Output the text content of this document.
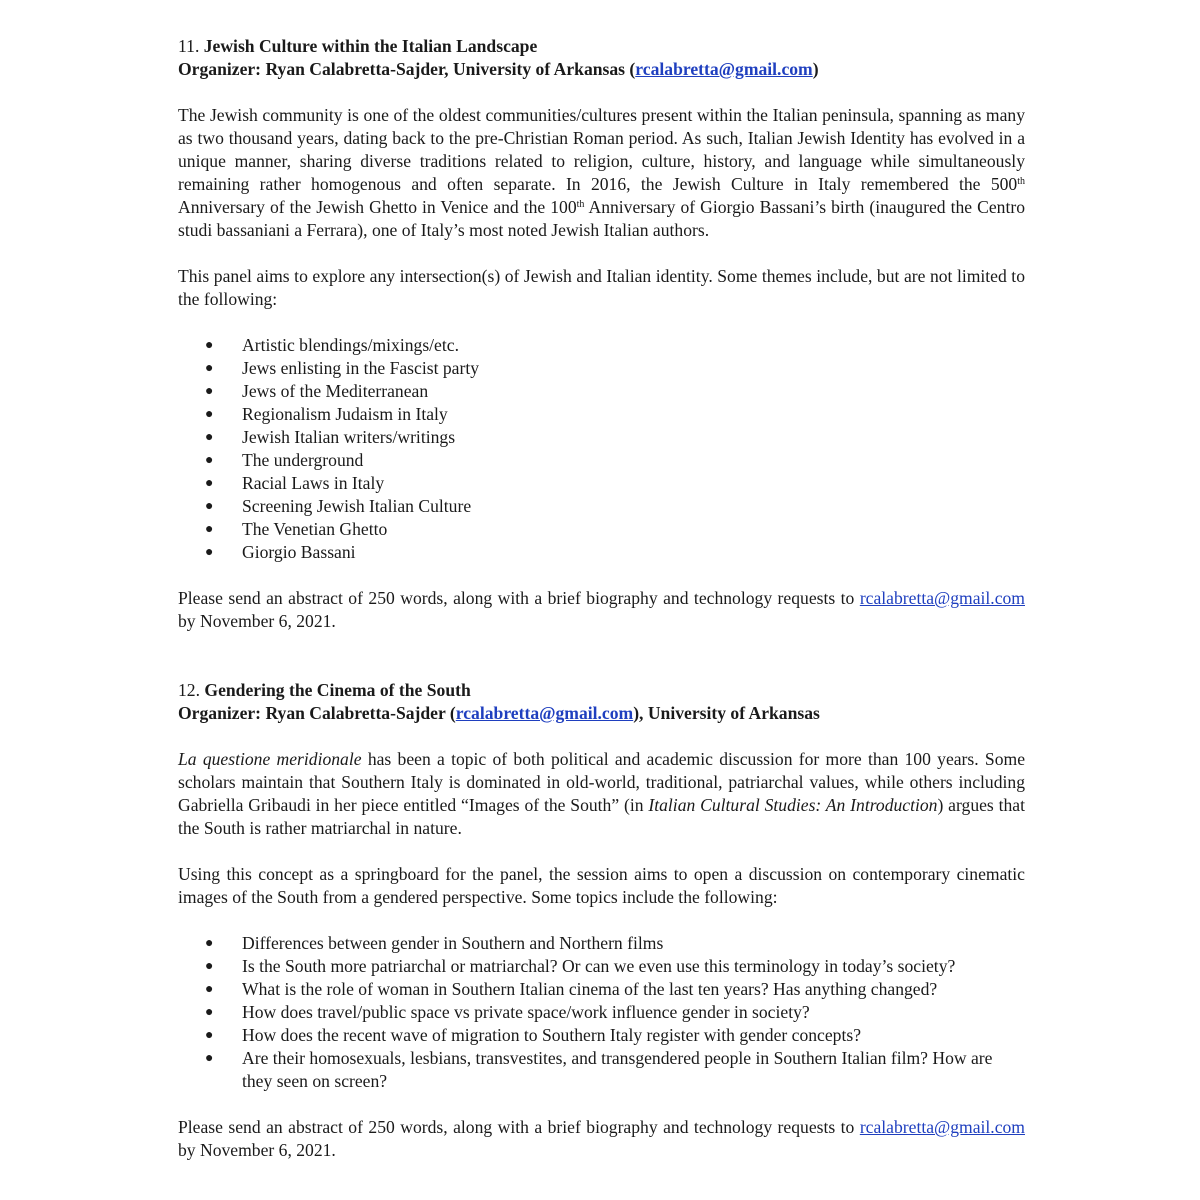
11. Jewish Culture within the Italian Landscape

Organizer: Ryan Calabretta-Sajder, University of Arkansas (rcalabretta@gmail.com)

The Jewish community is one of the oldest communities/cultures present within the Italian peninsula, spanning as many as two thousand years, dating back to the pre-Christian Roman period. As such, Italian Jewish Identity has evolved in a unique manner, sharing diverse traditions related to religion, culture, history, and language while simultaneously remaining rather homogenous and often separate. In 2016, the Jewish Culture in Italy remembered the 500th Anniversary of the Jewish Ghetto in Venice and the 100th Anniversary of Giorgio Bassani’s birth (inaugured the Centro studi bassaniani a Ferrara), one of Italy’s most noted Jewish Italian authors.

This panel aims to explore any intersection(s) of Jewish and Italian identity. Some themes include, but are not limited to the following:

● Artistic blendings/mixings/etc.
● Jews enlisting in the Fascist party
● Jews of the Mediterranean
● Regionalism Judaism in Italy
● Jewish Italian writers/writings
● The underground
● Racial Laws in Italy
● Screening Jewish Italian Culture
● The Venetian Ghetto
● Giorgio Bassani

Please send an abstract of 250 words, along with a brief biography and technology requests to rcalabretta@gmail.com by November 6, 2021.

12. Gendering the Cinema of the South

Organizer: Ryan Calabretta-Sajder (rcalabretta@gmail.com), University of Arkansas

La questione meridionale has been a topic of both political and academic discussion for more than 100 years. Some scholars maintain that Southern Italy is dominated in old-world, traditional, patriarchal values, while others including Gabriella Gribaudi in her piece entitled “Images of the South” (in Italian Cultural Studies: An Introduction) argues that the South is rather matriarchal in nature.

Using this concept as a springboard for the panel, the session aims to open a discussion on contemporary cinematic images of the South from a gendered perspective. Some topics include the following:

● Differences between gender in Southern and Northern films
● Is the South more patriarchal or matriarchal? Or can we even use this terminology in today’s society?
● What is the role of woman in Southern Italian cinema of the last ten years? Has anything changed?
● How does travel/public space vs private space/work influence gender in society?
● How does the recent wave of migration to Southern Italy register with gender concepts?
● Are their homosexuals, lesbians, transvestites, and transgendered people in Southern Italian film? How are they seen on screen?

Please send an abstract of 250 words, along with a brief biography and technology requests to rcalabretta@gmail.com by November 6, 2021.
